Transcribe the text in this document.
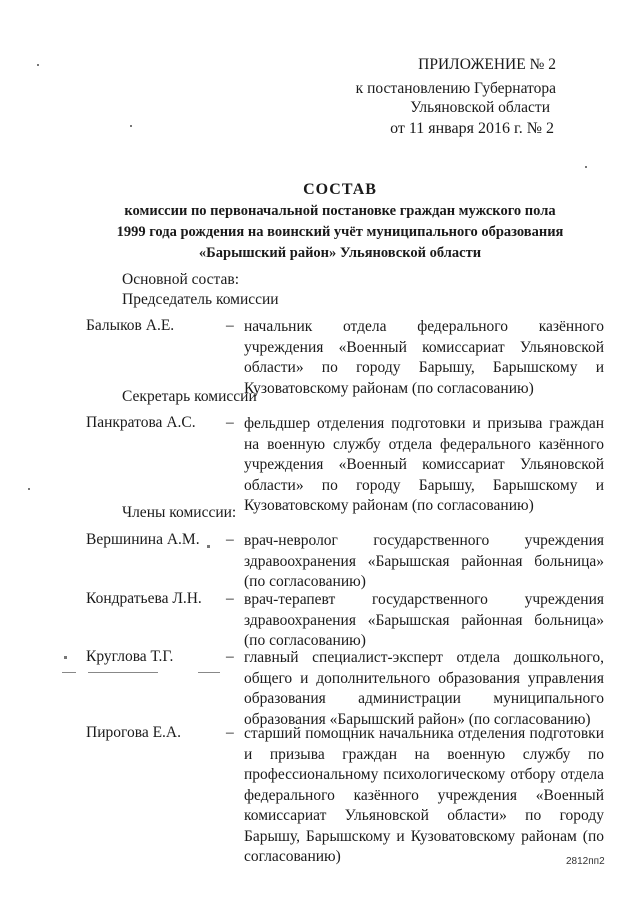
ПРИЛОЖЕНИЕ № 2
к постановлению Губернатора
Ульяновской области
от 11 января 2016 г. № 2
СОСТАВ
комиссии по первоначальной постановке граждан мужского пола
1999 года рождения на воинский учёт муниципального образования
«Барышский район» Ульяновской области
Основной состав:
Председатель комиссии
Балыков А.Е.	– начальник отдела федерального казённого учреждения «Военный комиссариат Ульяновской области» по городу Барышу, Барышскому и Кузоватовскому районам (по согласованию)
Секретарь комиссии
Панкратова А.С. – фельдшер отделения подготовки и призыва граждан на военную службу отдела федерального казённого учреждения «Военный комиссариат Ульяновской области» по городу Барышу, Барышскому и Кузоватовскому районам (по согласованию)
Члены комиссии:
Вершинина А.М. – врач-невролог государственного учреждения здравоохранения «Барышская районная больница» (по согласованию)
Кондратьева Л.Н. – врач-терапевт государственного учреждения здравоохранения «Барышская районная больница» (по согласованию)
Круглова Т.Г.	– главный специалист-эксперт отдела дошкольного, общего и дополнительного образования управления образования администрации муниципального образования «Барышский район» (по согласованию)
Пирогова Е.А.	– старший помощник начальника отделения подготовки и призыва граждан на военную службу по профессиональному психологическому отбору отдела федерального казённого учреждения «Военный комиссариат Ульяновской области» по городу Барышу, Барышскому и Кузоватовскому районам (по согласованию)	2812пп2
